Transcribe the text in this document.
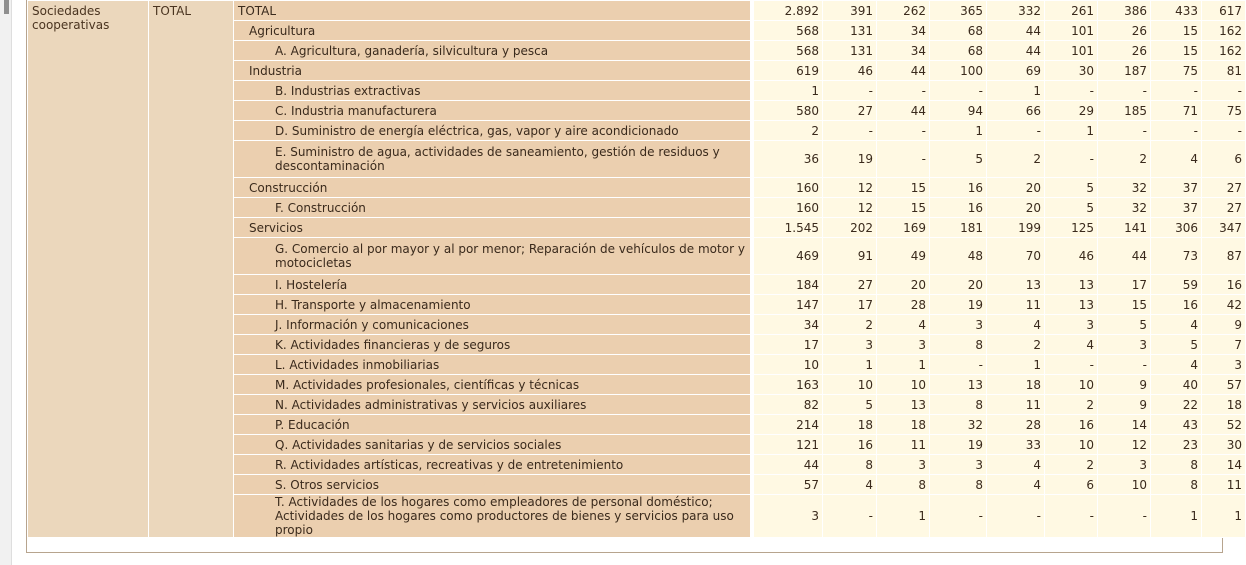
Sociedades cooperativas	TOTAL	TOTAL	2.892	391	262	365	332	261	386	433	617
		Agricultura	568	131	34	68	44	101	26	15	162
		A. Agricultura, ganadería, silvicultura y pesca	568	131	34	68	44	101	26	15	162
		Industria	619	46	44	100	69	30	187	75	81
		B. Industrias extractivas	1	-	-	-	1	-	-	-	-
		C. Industria manufacturera	580	27	44	94	66	29	185	71	75
		D. Suministro de energía eléctrica, gas, vapor y aire acondicionado	2	-	-	1	-	1	-	-	-
		E. Suministro de agua, actividades de saneamiento, gestión de residuos y descontaminación	36	19	-	5	2	-	2	4	6
		Construcción	160	12	15	16	20	5	32	37	27
		F. Construcción	160	12	15	16	20	5	32	37	27
		Servicios	1.545	202	169	181	199	125	141	306	347
		G. Comercio al por mayor y al por menor; Reparación de vehículos de motor y motocicletas	469	91	49	48	70	46	44	73	87
		I. Hostelería	184	27	20	20	13	13	17	59	16
		H. Transporte y almacenamiento	147	17	28	19	11	13	15	16	42
		J. Información y comunicaciones	34	2	4	3	4	3	5	4	9
		K. Actividades financieras y de seguros	17	3	3	8	2	4	3	5	7
		L. Actividades inmobiliarias	10	1	1	-	1	-	-	4	3
		M. Actividades profesionales, científicas y técnicas	163	10	10	13	18	10	9	40	57
		N. Actividades administrativas y servicios auxiliares	82	5	13	8	11	2	9	22	18
		P. Educación	214	18	18	32	28	16	14	43	52
		Q. Actividades sanitarias y de servicios sociales	121	16	11	19	33	10	12	23	30
		R. Actividades artísticas, recreativas y de entretenimiento	44	8	3	3	4	2	3	8	14
		S. Otros servicios	57	4	8	8	4	6	10	8	11
		T. Actividades de los hogares como empleadores de personal doméstico; Actividades de los hogares como productores de bienes y servicios para uso propio	3	-	1	-	-	-	-	1	1
